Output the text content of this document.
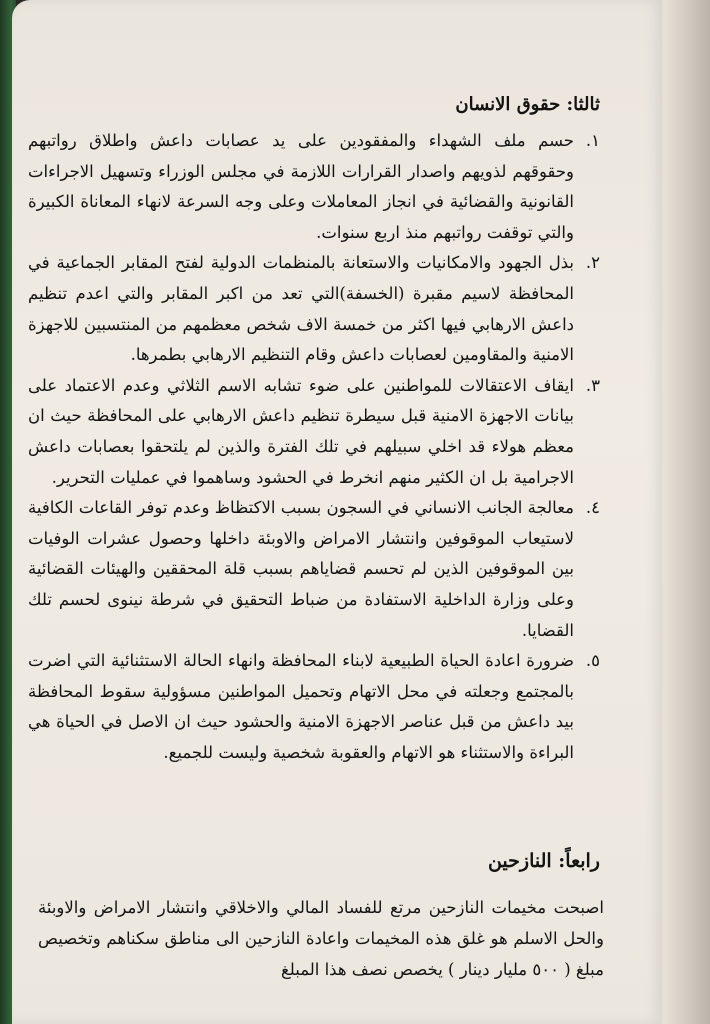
ثالثا: حقوق الانسان
١.
حسم ملف الشهداء والمفقودين على يد عصابات داعش واطلاق رواتبهم وحقوقهم لذويهم واصدار القرارات اللازمة في مجلس الوزراء وتسهيل الاجراءات القانونية والقضائية في انجاز المعاملات وعلى وجه السرعة لانهاء المعاناة الكبيرة والتي توقفت رواتبهم منذ اربع سنوات.
٢.
بذل الجهود والامكانيات والاستعانة بالمنظمات الدولية لفتح المقابر الجماعية في المحافظة لاسيم مقبرة (الخسفة)التي تعد من اكبر المقابر والتي اعدم تنظيم داعش الارهابي فيها اكثر من خمسة الاف شخص معظمهم من المنتسبين للاجهزة الامنية والمقاومين لعصابات داعش وقام التنظيم الارهابي بطمرها.
٣.
ايقاف الاعتقالات للمواطنين على ضوء تشابه الاسم الثلاثي وعدم الاعتماد على بيانات الاجهزة الامنية قبل سيطرة تنظيم داعش الارهابي على المحافظة حيث ان معظم هولاء قد اخلي سبيلهم في تلك الفترة والذين لم يلتحقوا بعصابات داعش الاجرامية بل ان الكثير منهم انخرط في الحشود وساهموا في عمليات التحرير.
٤.
معالجة الجانب الانساني في السجون بسبب الاكتظاظ وعدم توفر القاعات الكافية لاستيعاب الموقوفين وانتشار الامراض والاوبئة داخلها وحصول عشرات الوفيات بين الموقوفين الذين لم تحسم قضاياهم بسبب قلة المحققين والهيئات القضائية وعلى وزارة الداخلية الاستفادة من ضباط التحقيق في شرطة نينوى لحسم تلك القضايا.
٥.
ضرورة اعادة الحياة الطبيعية لابناء المحافظة وانهاء الحالة الاستثنائية التي اضرت بالمجتمع وجعلته في محل الاتهام وتحميل المواطنين مسؤولية سقوط المحافظة بيد داعش من قبل عناصر الاجهزة الامنية والحشود حيث ان الاصل في الحياة هي البراءة والاستثناء هو الاتهام والعقوبة شخصية وليست للجميع.
رابعاً: النازحين
اصبحت مخيمات النازحين مرتع للفساد المالي والاخلاقي وانتشار الامراض والاوبئة والحل الاسلم هو غلق هذه المخيمات واعادة النازحين الى مناطق سكناهم وتخصيص مبلغ ( ٥٠٠ مليار دينار ) يخصص نصف هذا المبلغ
